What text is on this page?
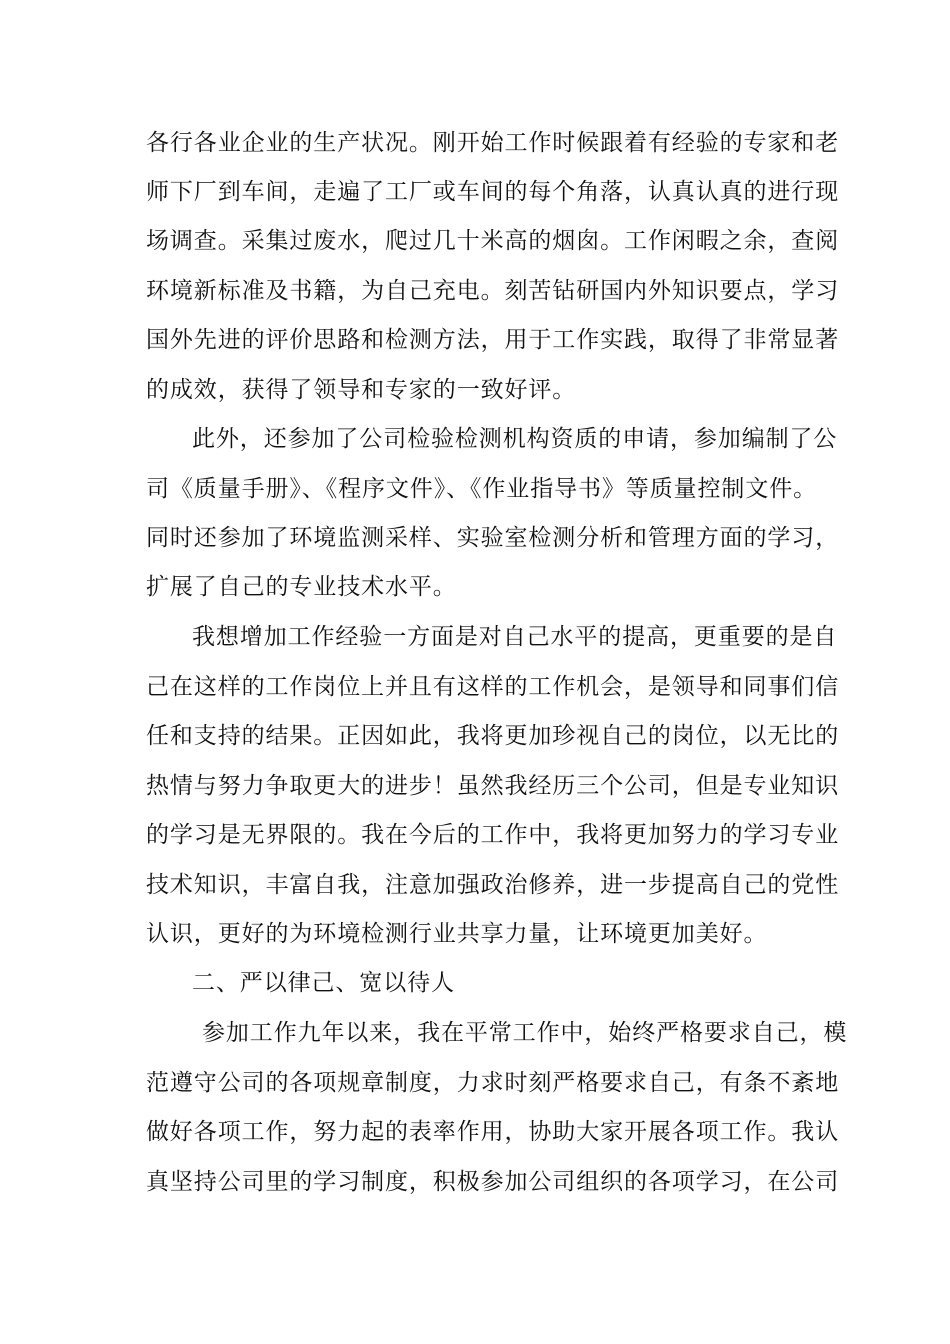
各行各业企业的生产状况。刚开始工作时候跟着有经验的专家和老
师下厂到车间，走遍了工厂或车间的每个角落，认真认真的进行现
场调查。采集过废水，爬过几十米高的烟囱。工作闲暇之余，查阅
环境新标准及书籍，为自己充电。刻苦钻研国内外知识要点，学习
国外先进的评价思路和检测方法，用于工作实践，取得了非常显著
的成效，获得了领导和专家的一致好评。
此外，还参加了公司检验检测机构资质的申请，参加编制了公
司《质量手册》、《程序文件》、《作业指导书》等质量控制文件。
同时还参加了环境监测采样、实验室检测分析和管理方面的学习，
扩展了自己的专业技术水平。
我想增加工作经验一方面是对自己水平的提高，更重要的是自
己在这样的工作岗位上并且有这样的工作机会，是领导和同事们信
任和支持的结果。正因如此，我将更加珍视自己的岗位，以无比的
热情与努力争取更大的进步！虽然我经历三个公司，但是专业知识
的学习是无界限的。我在今后的工作中，我将更加努力的学习专业
技术知识，丰富自我，注意加强政治修养，进一步提高自己的党性
认识，更好的为环境检测行业共享力量，让环境更加美好。
二、严以律己、宽以待人
参加工作九年以来，我在平常工作中，始终严格要求自己，模
范遵守公司的各项规章制度，力求时刻严格要求自己，有条不紊地
做好各项工作，努力起的表率作用，协助大家开展各项工作。我认
真坚持公司里的学习制度，积极参加公司组织的各项学习，在公司
